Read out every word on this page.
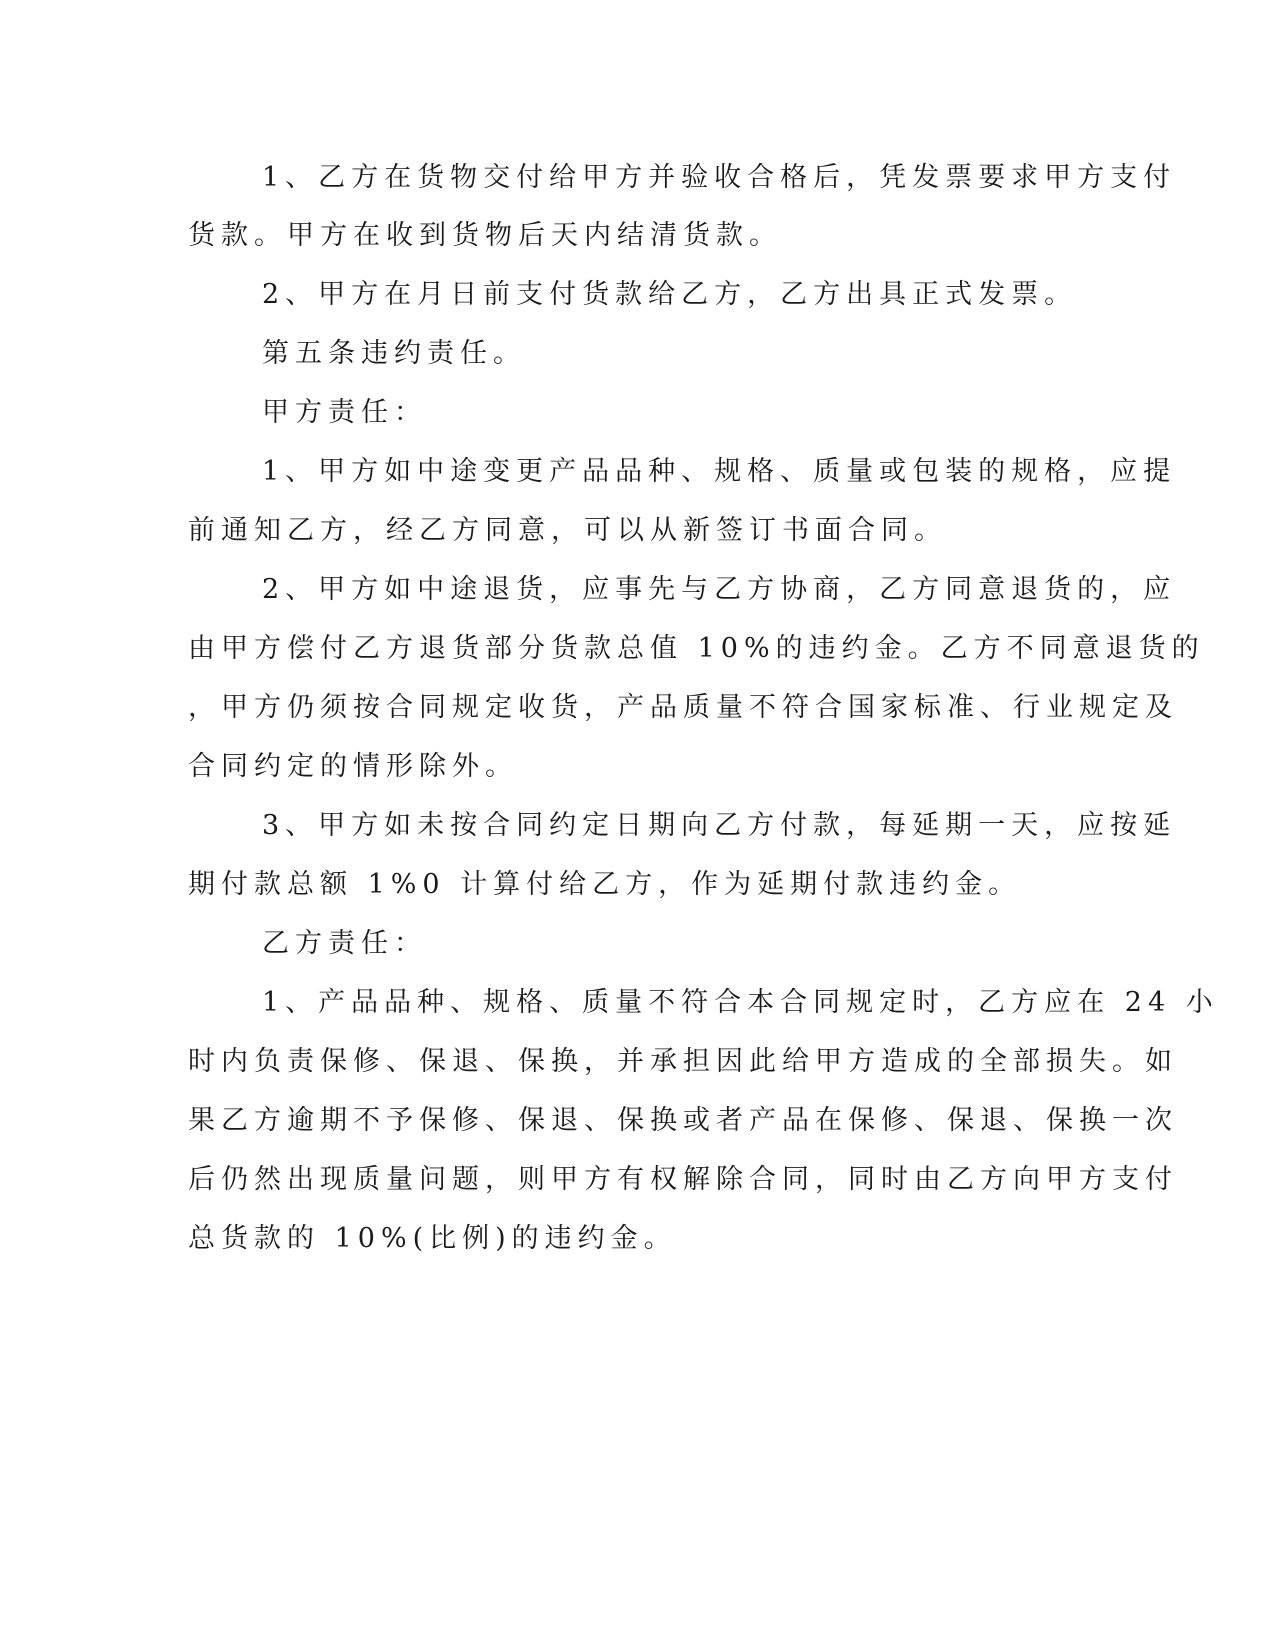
1、乙方在货物交付给甲方并验收合格后，凭发票要求甲方支付
货款。甲方在收到货物后天内结清货款。
2、甲方在月日前支付货款给乙方，乙方出具正式发票。
第五条违约责任。
甲方责任：
1、甲方如中途变更产品品种、规格、质量或包装的规格，应提
前通知乙方，经乙方同意，可以从新签订书面合同。
2、甲方如中途退货，应事先与乙方协商，乙方同意退货的，应
由甲方偿付乙方退货部分货款总值 10%的违约金。乙方不同意退货的
，甲方仍须按合同规定收货，产品质量不符合国家标准、行业规定及
合同约定的情形除外。
3、甲方如未按合同约定日期向乙方付款，每延期一天，应按延
期付款总额 1%0 计算付给乙方，作为延期付款违约金。
乙方责任：
1、产品品种、规格、质量不符合本合同规定时，乙方应在 24 小
时内负责保修、保退、保换，并承担因此给甲方造成的全部损失。如
果乙方逾期不予保修、保退、保换或者产品在保修、保退、保换一次
后仍然出现质量问题，则甲方有权解除合同，同时由乙方向甲方支付
总货款的 10%(比例)的违约金。
